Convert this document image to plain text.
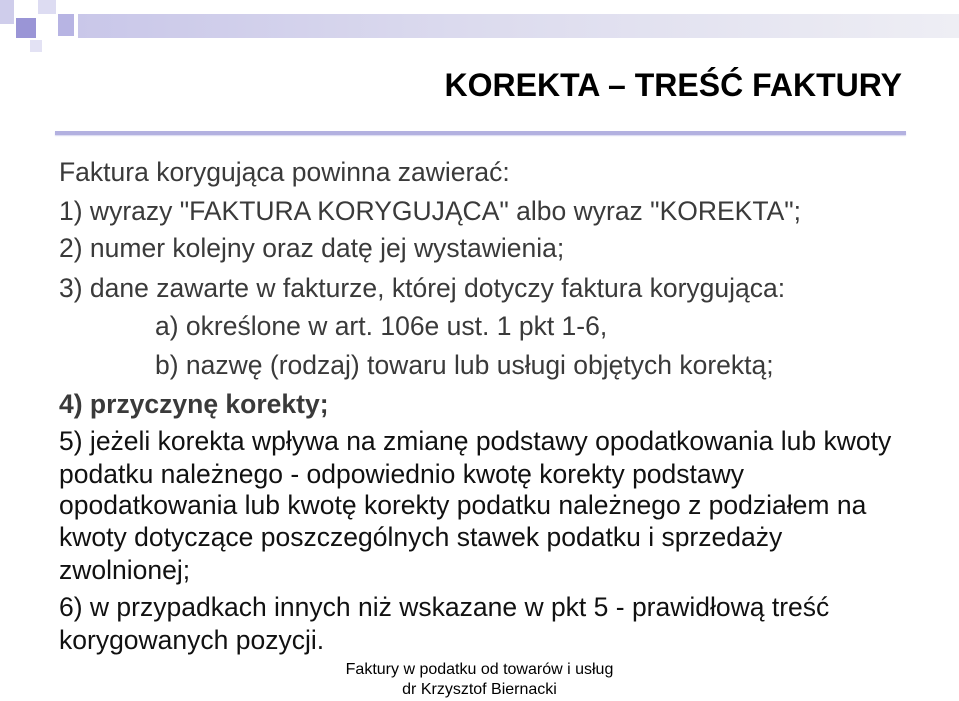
KOREKTA – TREŚĆ FAKTURY
Faktura korygująca powinna zawierać:
1) wyrazy "FAKTURA KORYGUJĄCA" albo wyraz "KOREKTA";
2) numer kolejny oraz datę jej wystawienia;
3) dane zawarte w fakturze, której dotyczy faktura korygująca:
a) określone w art. 106e ust. 1 pkt 1-6,
b) nazwę (rodzaj) towaru lub usługi objętych korektą;
4) przyczynę korekty;
5) jeżeli korekta wpływa na zmianę podstawy opodatkowania lub kwoty
podatku należnego - odpowiednio kwotę korekty podstawy
opodatkowania lub kwotę korekty podatku należnego z podziałem na
kwoty dotyczące poszczególnych stawek podatku i sprzedaży
zwolnionej;
6) w przypadkach innych niż wskazane w pkt 5 - prawidłową treść
korygowanych pozycji.
Faktury w podatku od towarów i usług
dr Krzysztof Biernacki
